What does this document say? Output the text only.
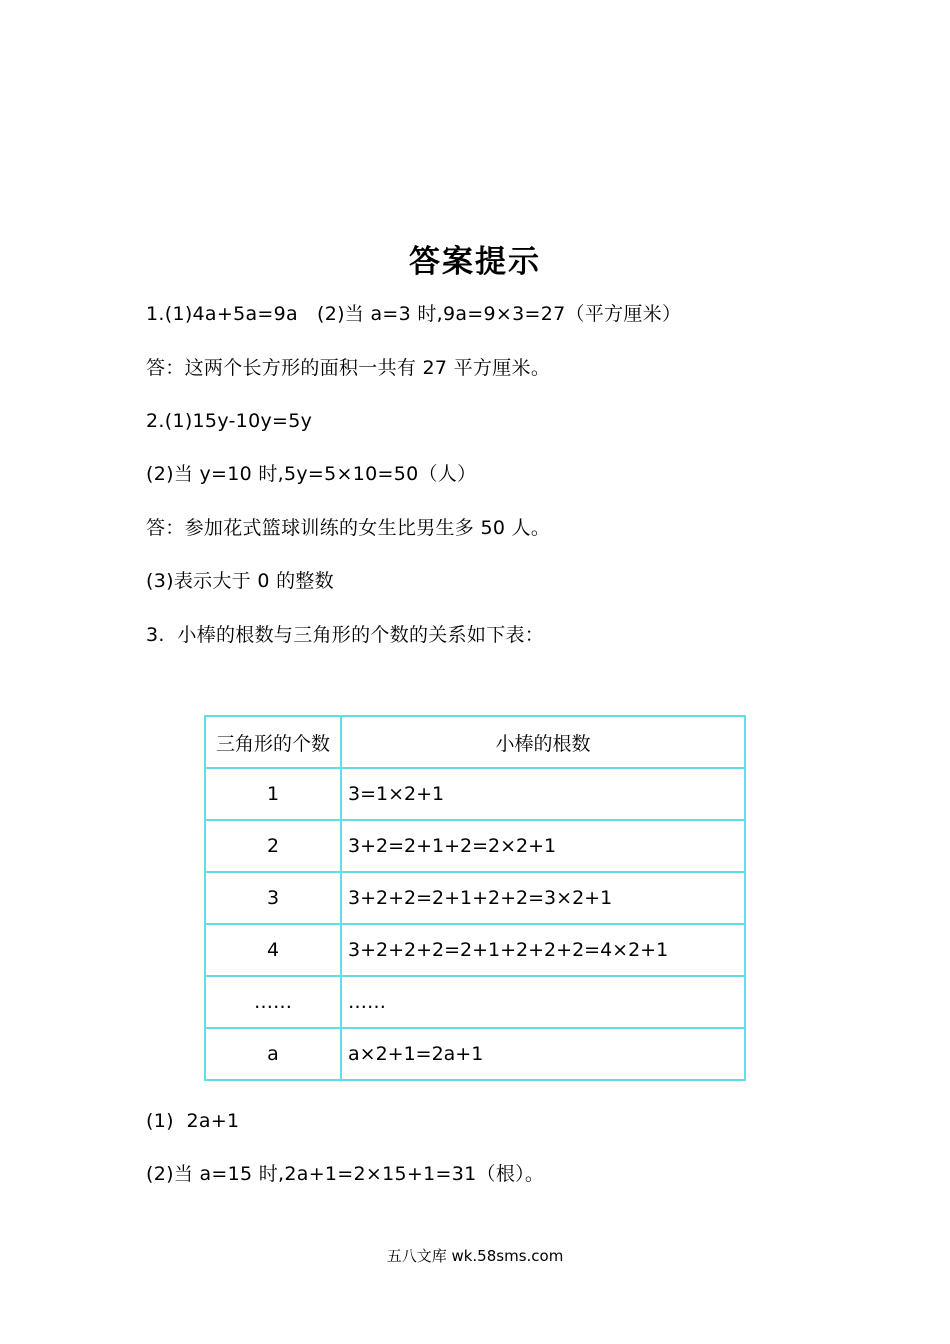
答案提示
1.(1)4a+5a=9a   (2)当 a=3 时,9a=9×3=27（平方厘米）
答：这两个长方形的面积一共有 27 平方厘米。
2.(1)15y-10y=5y
(2)当 y=10 时,5y=5×10=50（人）
答：参加花式篮球训练的女生比男生多 50 人。
(3)表示大于 0 的整数
3.  小棒的根数与三角形的个数的关系如下表：
三角形的个数	小棒的根数
1	3=1×2+1
2	3+2=2+1+2=2×2+1
3	3+2+2=2+1+2+2=3×2+1
4	3+2+2+2=2+1+2+2+2=4×2+1
……	……
a	a×2+1=2a+1
(1)  2a+1
(2)当 a=15 时,2a+1=2×15+1=31（根）。
五八文库 wk.58sms.com
